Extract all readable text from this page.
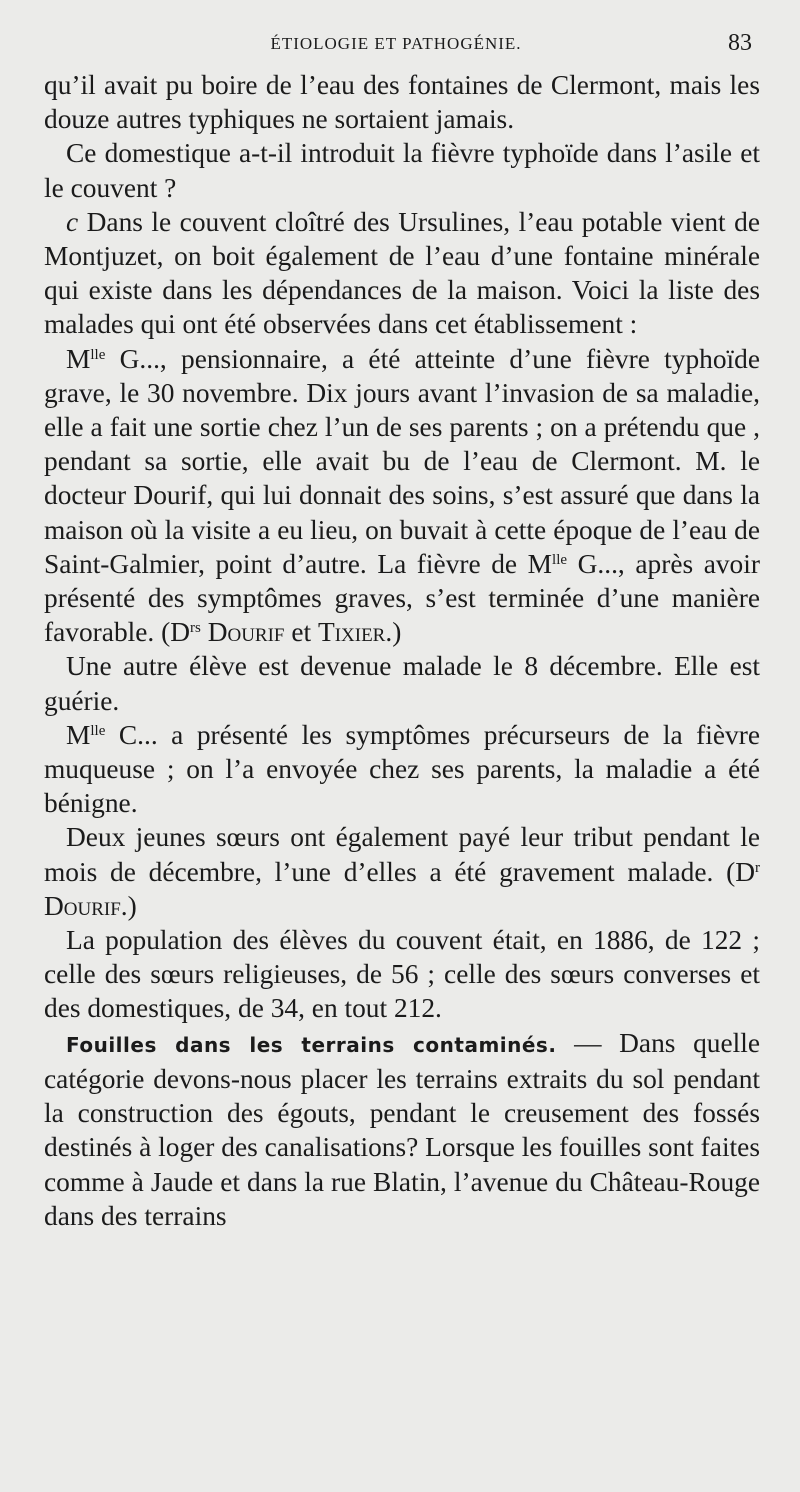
ÉTIOLOGIE ET PATHOGÉNIE.	83

qu’il avait pu boire de l’eau des fontaines de Clermont, mais les douze autres typhiques ne sortaient jamais.

Ce domestique a-t-il introduit la fièvre typhoïde dans l’asile et le couvent ?

c Dans le couvent cloîtré des Ursulines, l’eau potable vient de Montjuzet, on boit également de l’eau d’une fontaine minérale qui existe dans les dépendances de la maison. Voici la liste des malades qui ont été observées dans cet établissement :

$M^{lle}$ G..., pensionnaire, a été atteinte d’une fièvre typhoïde grave, le 30 novembre. Dix jours avant l’invasion de sa maladie, elle a fait une sortie chez l’un de ses parents ; on a prétendu que , pendant sa sortie, elle avait bu de l’eau de Clermont. M. le docteur Dourif, qui lui donnait des soins, s’est assuré que dans la maison où la visite a eu lieu, on buvait à cette époque de l’eau de Saint-Galmier, point d’autre. La fièvre de $M^{lle}$ G..., après avoir présenté des symptômes graves, s’est terminée d’une manière favorable. ($D^{rs}$ Dourif et Tixier.)

Une autre élève est devenue malade le 8 décembre. Elle est guérie.

$M^{lle}$ C... a présenté les symptômes précurseurs de la fièvre muqueuse ; on l’a envoyée chez ses parents, la maladie a été bénigne.

Deux jeunes sœurs ont également payé leur tribut pendant le mois de décembre, l’une d’elles a été gravement malade. ($D^r$ Dourif.)

La population des élèves du couvent était, en 1886, de 122 ; celle des sœurs religieuses, de 56 ; celle des sœurs converses et des domestiques, de 34, en tout 212.

Fouilles dans les terrains contaminés. — Dans quelle catégorie devons-nous placer les terrains extraits du sol pendant la construction des égouts, pendant le creusement des fossés destinés à loger des canalisations? Lorsque les fouilles sont faites comme à Jaude et dans la rue Blatin, l’avenue du Château-Rouge dans des terrains
